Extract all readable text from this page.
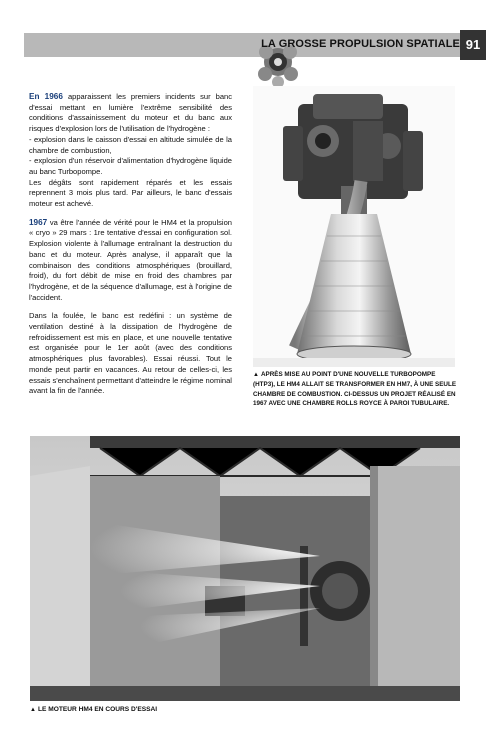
LA GROSSE PROPULSION SPATIALE 91

En 1966 apparaissent les premiers incidents sur banc d'essai mettant en lumière l'extrême sensibilité des conditions d'assainissement du moteur et du banc aux risques d'explosion lors de l'utilisation de l'hydrogène :
- explosion dans le caisson d'essai en altitude simulée de la chambre de combustion,
- explosion d'un réservoir d'alimentation d'hydrogène liquide au banc Turbopompe.
Les dégâts sont rapidement réparés et les essais reprennent 3 mois plus tard. Par ailleurs, le banc d'essais moteur est achevé.

1967 va être l'année de vérité pour le HM4 et la propulsion « cryo » 29 mars : 1re tentative d'essai en configuration sol. Explosion violente à l'allumage entraînant la destruction du banc et du moteur. Après analyse, il apparaît que la combinaison des conditions atmosphériques (brouillard, froid), du fort débit de mise en froid des chambres par l'hydrogène, et de la séquence d'allumage, est à l'origine de l'accident.

Dans la foulée, le banc est redéfini : un système de ventilation destiné à la dissipation de l'hydrogène de refroidissement est mis en place, et une nouvelle tentative est organisée pour le 1er août (avec des conditions atmosphériques plus favorables). Essai réussi. Tout le monde peut partir en vacances. Au retour de celles-ci, les essais s'enchaînent permettant d'atteindre le régime nominal avant la fin de l'année.

▲ APRÈS MISE AU POINT D'UNE NOUVELLE TURBOPOMPE (HTP3), LE HM4 ALLAIT SE TRANSFORMER EN HM7, À UNE SEULE CHAMBRE DE COMBUSTION. CI-DESSUS UN PROJET RÉALISÉ EN 1967 AVEC UNE CHAMBRE ROLLS ROYCE À PAROI TUBULAIRE.
▲ LE MOTEUR HM4 EN COURS D'ESSAI
